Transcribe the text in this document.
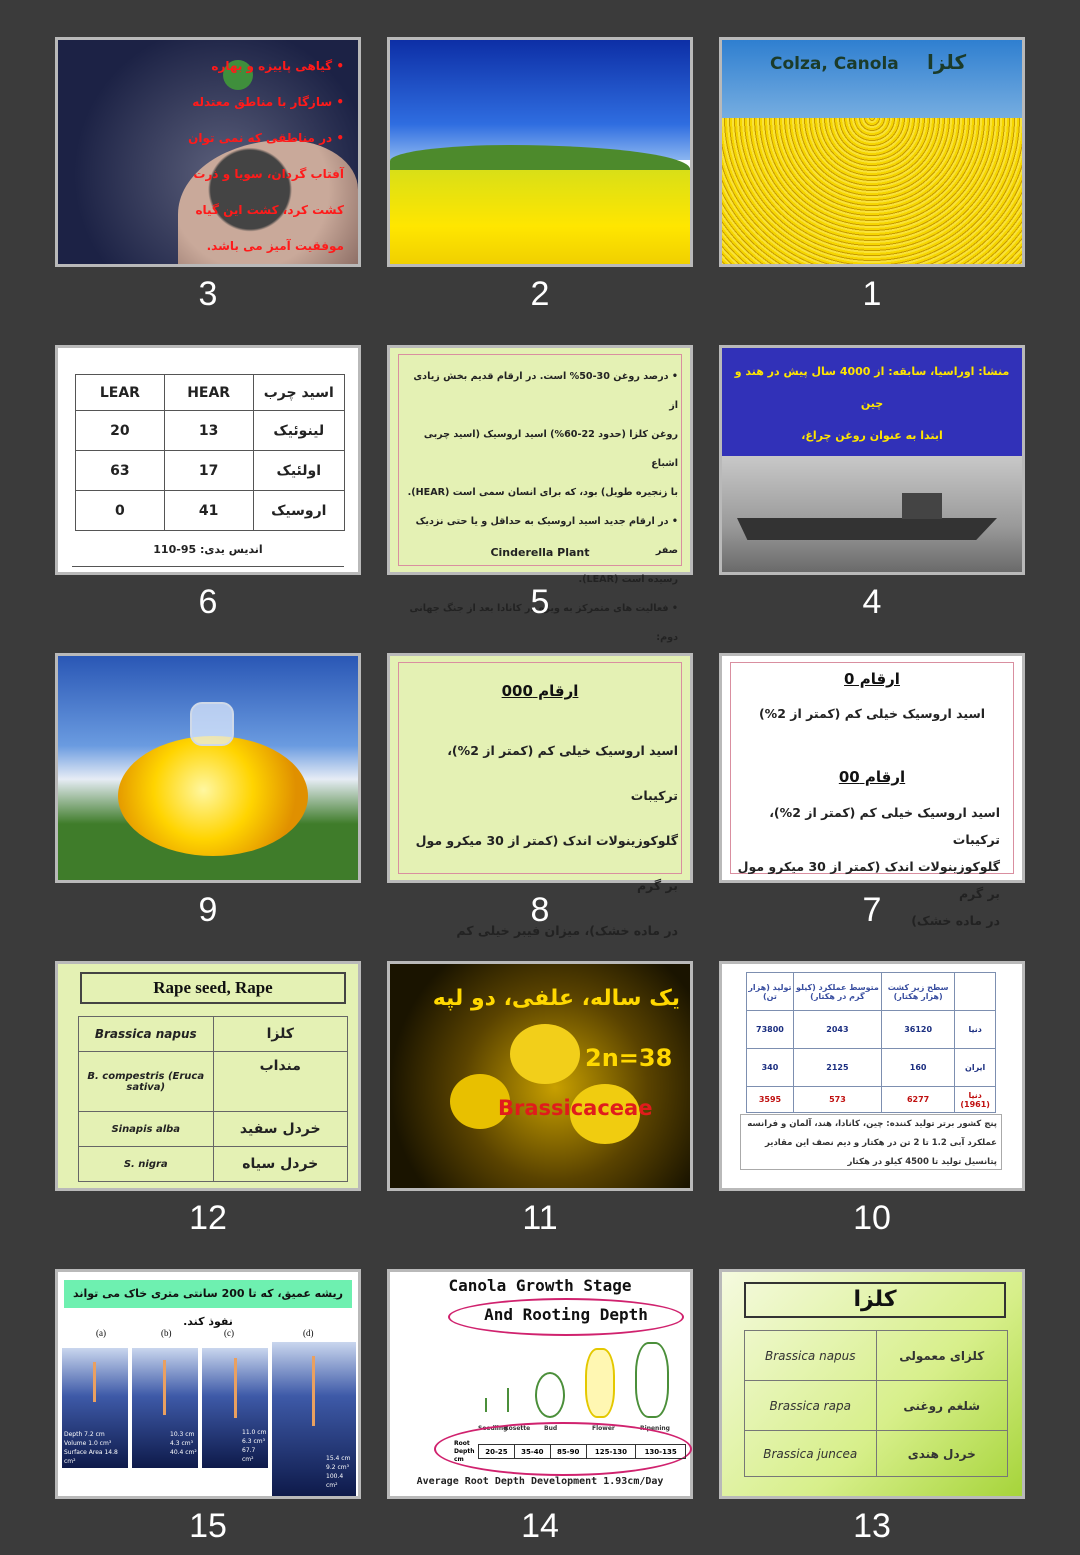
• گیاهی پاییزه و بهاره
• سازگار با مناطق معتدله
• در مناطقی که نمی توان
آفتاب گردان، سویا و ذرت
کشت کرد، کشت این گیاه
موفقیت آمیز می باشد.
3	2
Colza, Canola کلزا
1
LEAR	HEAR	اسید چرب
20	13	لینوئیک
63	17	اولئیک
0	41	اروسیک
اندیس یدی: 95-110
6
• درصد روغن 30-50% است. در ارقام قدیم بخش زیادی از
روغن کلزا (حدود 22-60%) اسید اروسیک (اسید چربی اشباع
با زنجیره طویل) بود، که برای انسان سمی است (HEAR).
• در ارقام جدید اسید اروسیک به حداقل و یا حتی نزدیک صفر
رسیده است (LEAR).
• فعالیت های متمرکز به ویژه در کانادا بعد از جنگ جهانی دوم:
Cinderella Plant
5
منشا: اوراسیا، سابقه: از 4000 سال پیش در هند و چین
ابتدا به عنوان روغن چراغ،
4
9
ارقام 000
اسید اروسیک خیلی کم (کمتر از 2%)، ترکیبات
گلوکوزینولات اندک (کمتر از 30 میکرو مول بر گرم
در ماده خشک)، میزان فیبر خیلی کم
8
ارقام 0
اسید اروسیک خیلی کم (کمتر از 2%)
ارقام 00
اسید اروسیک خیلی کم (کمتر از 2%)، ترکیبات
گلوکوزینولات اندک (کمتر از 30 میکرو مول بر گرم
در ماده خشک)
7
Rape seed, Rape
Brassica napus	کلزا
B. compestris (Eruca sativa)	منداب
Sinapis alba	خردل سفید
S. nigra	خردل سیاه
12
یک ساله، علفی، دو لپه
2n=38
Brassicaceae
11
تولید (هزار تن)	متوسط عملکرد (کیلو گرم در هکتار)	سطح زیر کشت (هزار هکتار)	
73800	2043	36120	دنیا
340	2125	160	ایران
3595	573	6277	دنیا (1961)
پنج کشور برتر تولید کننده: چین، کانادا، هند، آلمان و فرانسه
عملکرد آبی 1.2 تا 2 تن در هکتار و دیم نصف این مقادیر
پتانسیل تولید تا 4500 کیلو در هکتار
10
ریشه عمیق، که تا 200 سانتی متری خاک می تواند نفوذ کند.
(a)	(b)	(c)	(d)
Depth 7.2 cm Volume 1.0 cm³ Surface Area 14.8 cm²
10.3 cm 4.3 cm³ 40.4 cm²
11.0 cm 6.3 cm³ 67.7 cm²	15.4 cm 9.2 cm³ 100.4 cm²
15
Canola Growth Stage
And Rooting Depth
Seedling
Rosette Bud	Flower	Ripening
Root Depth cm
20-25	35-40	85-90	125-130	130-135
Average Root Depth Development 1.93cm/Day
14
کلزا
Brassica napus	کلزای معمولی
Brassica rapa	شلغم روغنی
Brassica juncea	خردل هندی
13
